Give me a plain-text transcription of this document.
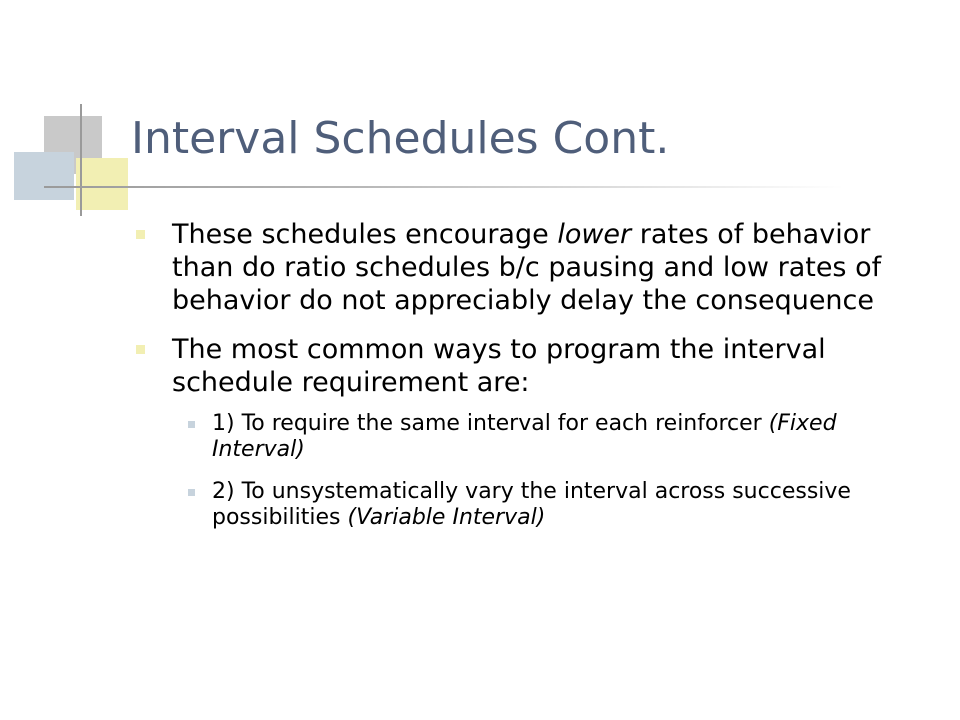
Interval Schedules Cont.
These schedules encourage lower rates of behavior than do ratio schedules b/c pausing and low rates of behavior do not appreciably delay the consequence
The most common ways to program the interval schedule requirement are:
1) To require the same interval for each reinforcer (Fixed Interval)
2) To unsystematically vary the interval across successive possibilities (Variable Interval)
